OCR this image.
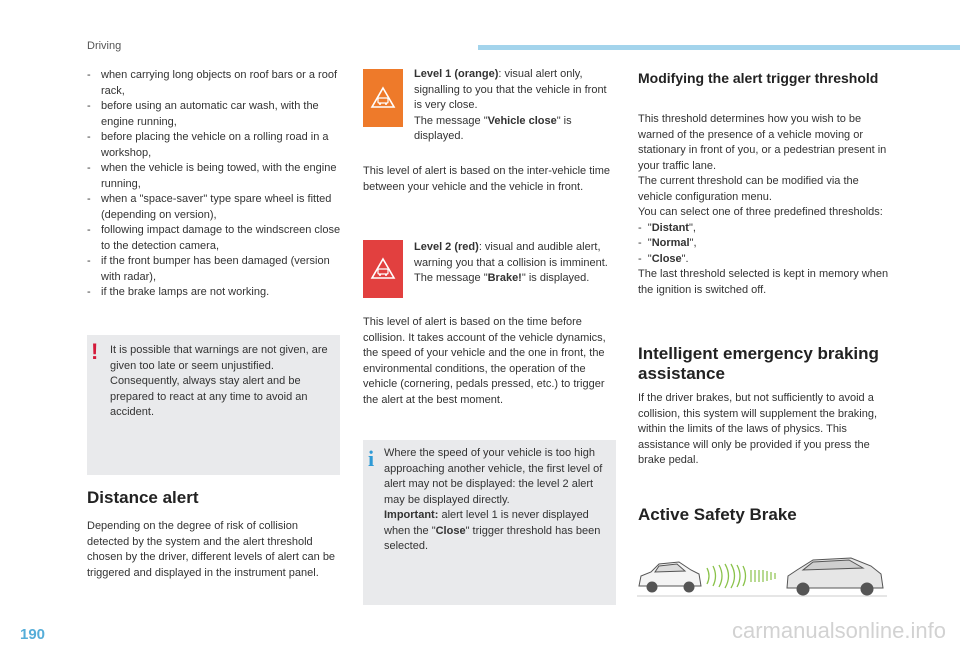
Driving
- when carrying long objects on roof bars or a roof rack,
- before using an automatic car wash, with the engine running,
- before placing the vehicle on a rolling road in a workshop,
- when the vehicle is being towed, with the engine running,
- when a "space-saver" type spare wheel is fitted (depending on version),
- following impact damage to the windscreen close to the detection camera,
- if the front bumper has been damaged (version with radar),
- if the brake lamps are not working.
! It is possible that warnings are not given, are given too late or seem unjustified. Consequently, always stay alert and be prepared to react at any time to avoid an accident.

Distance alert

Depending on the degree of risk of collision detected by the system and the alert threshold chosen by the driver, different levels of alert can be triggered and displayed in the instrument panel.

Level 1 (orange): visual alert only, signalling to you that the vehicle in front is very close.

The message "Vehicle close" is displayed.

This level of alert is based on the inter-vehicle time between your vehicle and the vehicle in front.

Level 2 (red): visual and audible alert, warning you that a collision is imminent.

The message "Brake!" is displayed.

This level of alert is based on the time before collision. It takes account of the vehicle dynamics, the speed of your vehicle and the one in front, the environmental conditions, the operation of the vehicle (cornering, pedals pressed, etc.) to trigger the alert at the best moment.

i Where the speed of your vehicle is too high approaching another vehicle, the first level of alert may not be displayed: the level 2 alert may be displayed directly.

Important: alert level 1 is never displayed when the "Close" trigger threshold has been selected.

Modifying the alert trigger threshold

This threshold determines how you wish to be warned of the presence of a vehicle moving or stationary in front of you, or a pedestrian present in your traffic lane.

The current threshold can be modified via the vehicle configuration menu.

You can select one of three predefined thresholds:

-  "Distant",

-  "Normal",

-  "Close".

The last threshold selected is kept in memory when the ignition is switched off.

Intelligent emergency braking assistance

If the driver brakes, but not sufficiently to avoid a collision, this system will supplement the braking, within the limits of the laws of physics. This assistance will only be provided if you press the brake pedal.

Active Safety Brake
190	carmanualsonline.info
